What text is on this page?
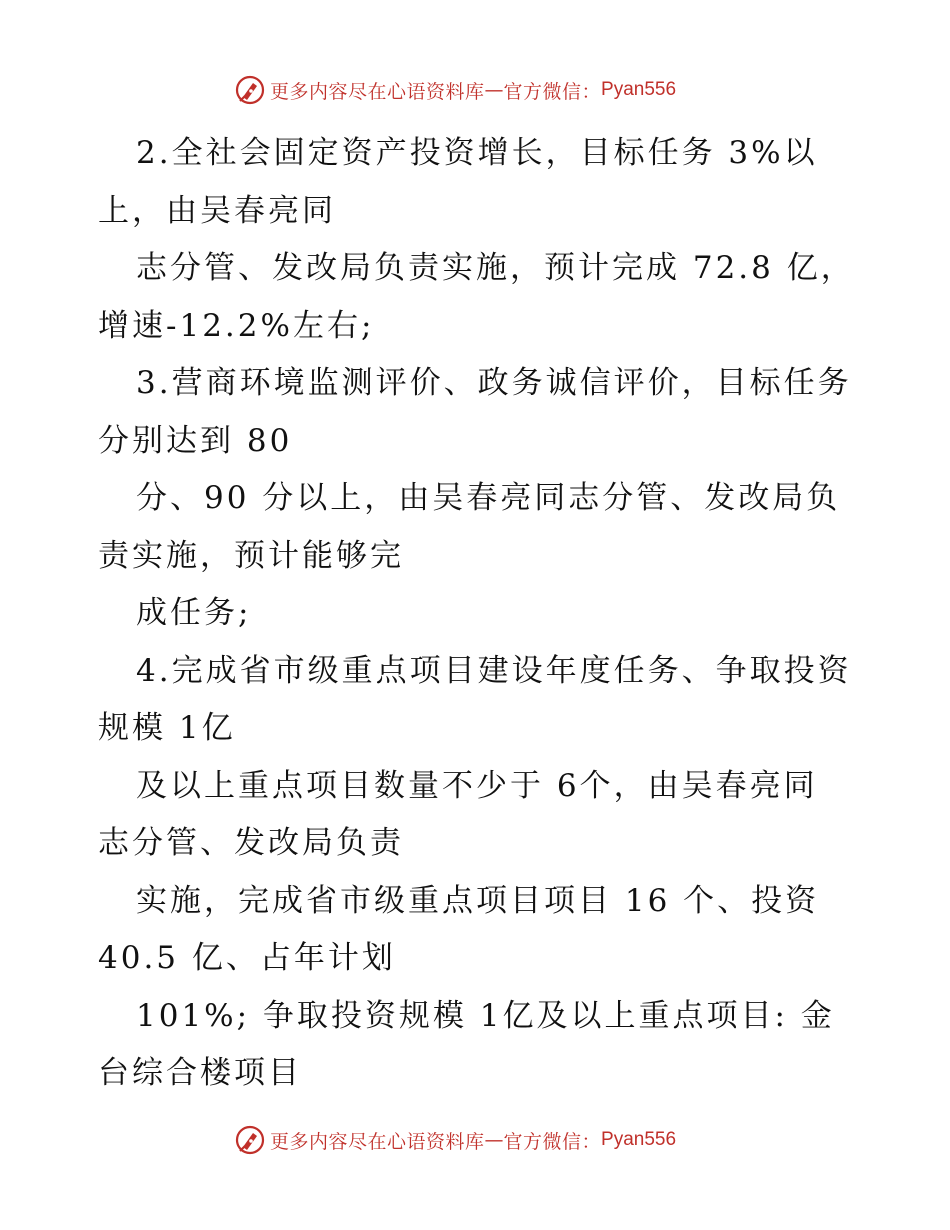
更多内容尽在心语资料库 — 官方微信： Pyan556
2.全社会固定资产投资增长，目标任务 3%以
上，由吴春亮同
志分管、发改局负责实施，预计完成 72.8 亿，
增速-12.2%左右;
3.营商环境监测评价、政务诚信评价，目标任务
分别达到 80
分、90 分以上，由吴春亮同志分管、发改局负
责实施，预计能够完
成任务;
4.完成省市级重点项目建设年度任务、争取投资
规模 1亿
及以上重点项目数量不少于 6个，由吴春亮同
志分管、发改局负责
实施，完成省市级重点项目项目 16 个、投资
40.5 亿、占年计划
101%; 争取投资规模 1亿及以上重点项目: 金
台综合楼项目
更多内容尽在心语资料库 — 官方微信： Pyan556
